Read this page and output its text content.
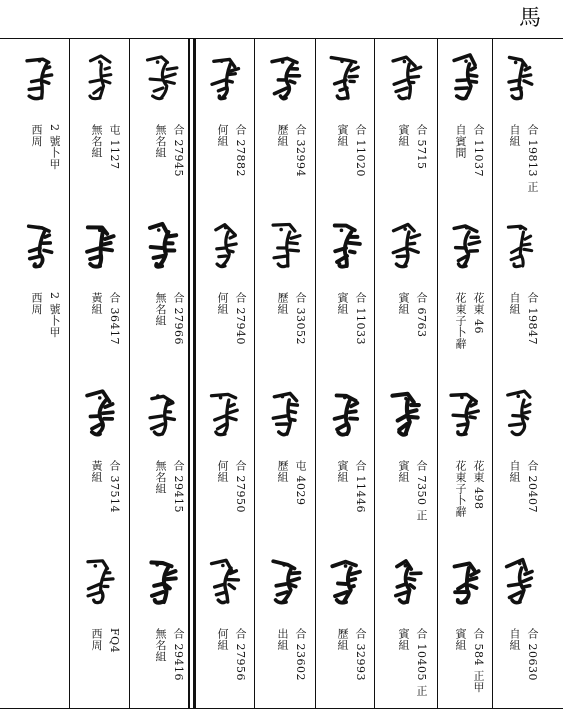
馬
合 19813 正
自組
合 19847
自組
合 20407
自組
合 20630
自組
合 11037
自賓間
花東 46
花東子卜辭
花東 498
花東子卜辭
合 584 正甲
賓組
合 5715
賓組
合 6763
賓組
合 7350 正
賓組
合 10405 正
賓組
合 11020
賓組
合 11033
賓組
合 11446
賓組
合 32993
歷組
合 32994
歷組
合 33052
歷組
屯 4029
歷組
合 23602
出組
合 27882
何組
合 27940
何組
合 27950
何組
合 27956
何組
合 27945
無名組
合 27966
無名組
合 29415
無名組
合 29416
無名組
屯 1127
無名組
合 36417
黃組
合 37514
黃組
FQ4
西周
2 號卜甲
西周
2 號卜甲
西周
